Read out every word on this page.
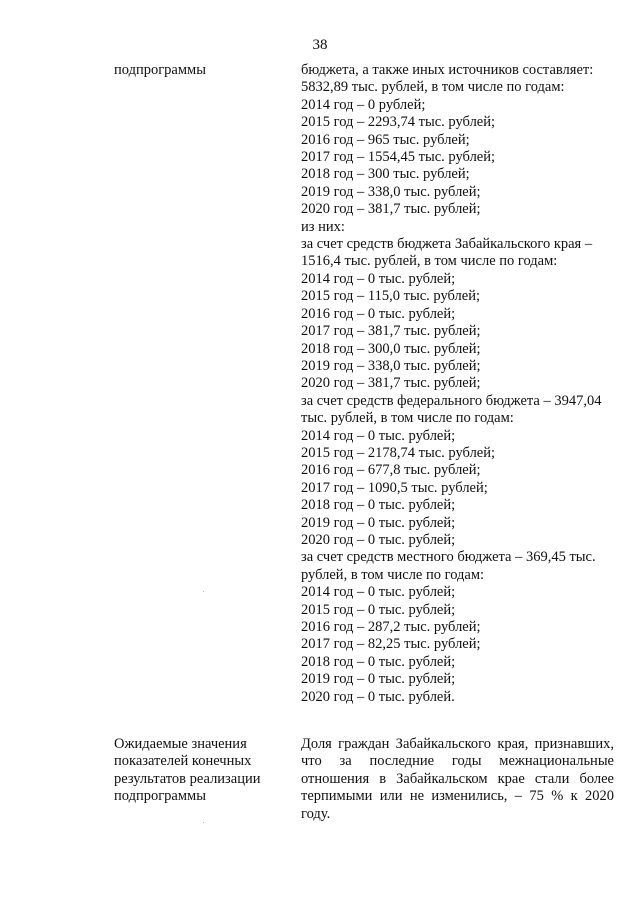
38
подпрограммы	бюджета, а также иных источников составляет:
5832,89 тыс. рублей, в том числе по годам:
2014 год – 0 рублей;
2015 год – 2293,74 тыс. рублей;
2016 год – 965 тыс. рублей;
2017 год – 1554,45 тыс. рублей;
2018 год – 300 тыс. рублей;
2019 год – 338,0 тыс. рублей;
2020 год – 381,7 тыс. рублей;
из них:
за счет средств бюджета Забайкальского края –
1516,4 тыс. рублей, в том числе по годам:
2014 год – 0 тыс. рублей;
2015 год – 115,0 тыс. рублей;
2016 год – 0 тыс. рублей;
2017 год – 381,7 тыс. рублей;
2018 год – 300,0 тыс. рублей;
2019 год – 338,0 тыс. рублей;
2020 год – 381,7 тыс. рублей;
за счет средств федерального бюджета – 3947,04
тыс. рублей, в том числе по годам:
2014 год – 0 тыс. рублей;
2015 год – 2178,74 тыс. рублей;
2016 год – 677,8 тыс. рублей;
2017 год – 1090,5 тыс. рублей;
2018 год – 0 тыс. рублей;
2019 год – 0 тыс. рублей;
2020 год – 0 тыс. рублей;
за счет средств местного бюджета – 369,45 тыс.
рублей, в том числе по годам:
2014 год – 0 тыс. рублей;
2015 год – 0 тыс. рублей;
2016 год – 287,2 тыс. рублей;
2017 год – 82,25 тыс. рублей;
2018 год – 0 тыс. рублей;
2019 год – 0 тыс. рублей;
2020 год – 0 тыс. рублей.
Ожидаемые значения
показателей конечных
результатов реализации
подпрограммы
Доля граждан Забайкальского края, признавших, что за последние годы межнациональные отношения в Забайкальском крае стали более терпимыми или не изменились, – 75 % к 2020 году.
